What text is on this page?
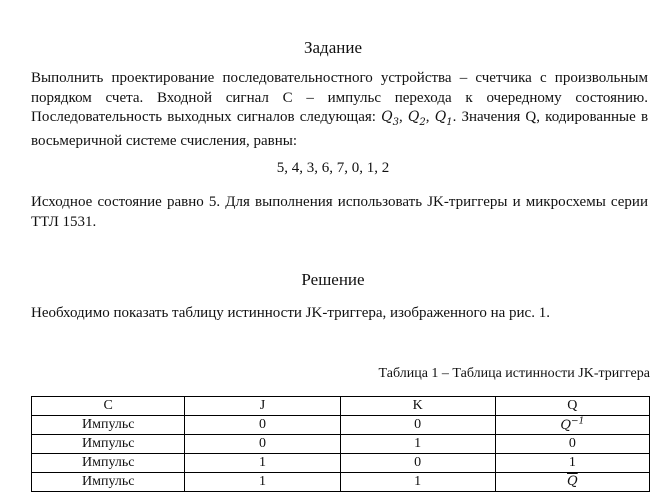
Задание
Выполнить проектирование последовательностного устройства – счетчика с произвольным порядком счета. Входной сигнал С – импульс перехода к очередному состоянию. Последовательность выходных сигналов следующая: $Q_3$, $Q_2$, $Q_1$. Значения Q, кодированные в восьмеричной системе счисления, равны:
5, 4, 3, 6, 7, 0, 1, 2
Исходное состояние равно 5. Для выполнения использовать JK-триггеры и микросхемы серии ТТЛ 1531.
Решение
Необходимо показать таблицу истинности JK-триггера, изображенного на рис. 1.
Таблица 1 – Таблица истинности JK-триггера
C	J	K	Q
Импульс	0	0	$Q^{-1}$
Импульс	0	1	0
Импульс	1	0	1
Импульс	1	1	$\overline{Q}$
